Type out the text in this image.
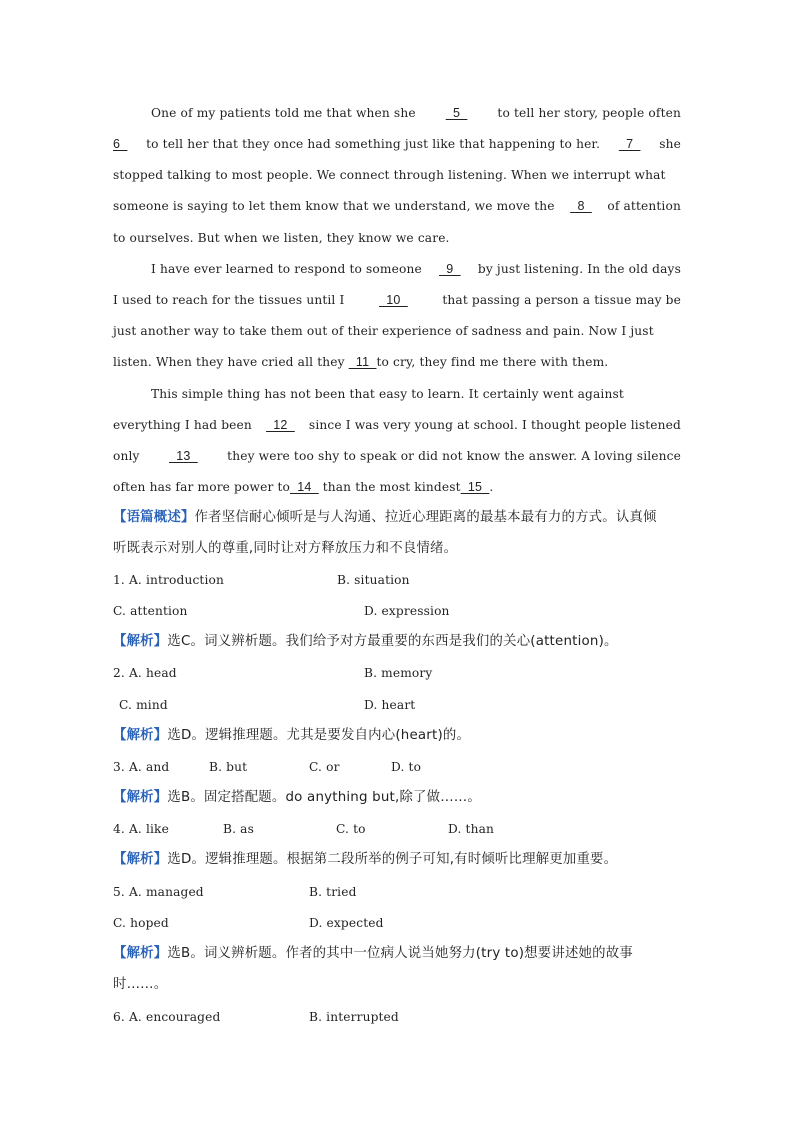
One of my patients told me that when she 5 to tell her story, people often
6 to tell her that they once had something just like that happening to her. 7 she
stopped talking to most people. We connect through listening. When we interrupt what
someone is saying to let them know that we understand, we move the 8 of attention
to ourselves. But when we listen, they know we care.
I have ever learned to respond to someone 9 by just listening. In the old days
I used to reach for the tissues until I	10	that passing a person a tissue may be
just another way to take them out of their experience of sadness and pain. Now I just
listen. When they have cried all they   11  to cry, they find me there with them.
This simple thing has not been that easy to learn. It certainly went against
everything I had been 12 since I was very young at school. I thought people listened
only 13 they were too shy to speak or did not know the answer. A loving silence
often has far more power to  14   than the most kindest  15  .
【语篇概述】作者坚信耐心倾听是与人沟通、拉近心理距离的最基本最有力的方式。认真倾
听既表示对别人的尊重,同时让对方释放压力和不良情绪。
1. A. introduction	B. situation
C. attention	D. expression
【解析】选C。词义辨析题。我们给予对方最重要的东西是我们的关心(attention)。
2. A. head	B. memory
C. mind	D. heart
【解析】选D。逻辑推理题。尤其是要发自内心(heart)的。
3. A. and	B. but	C. or	D. to
【解析】选B。固定搭配题。do anything but,除了做……。
4. A. like	B. as	C. to	D. than
【解析】选D。逻辑推理题。根据第二段所举的例子可知,有时倾听比理解更加重要。
5. A. managed	B. tried
C. hoped	D. expected
【解析】选B。词义辨析题。作者的其中一位病人说当她努力(try to)想要讲述她的故事
时……。
6. A. encouraged	B. interrupted
